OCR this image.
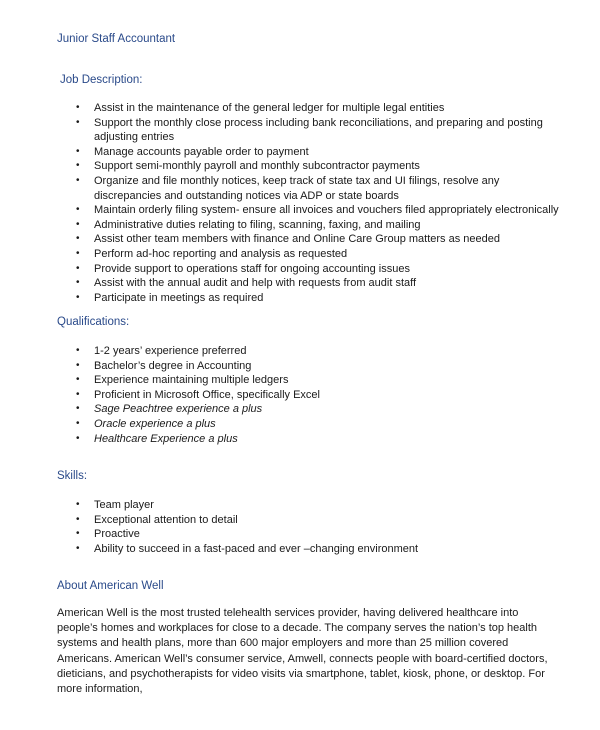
Junior Staff Accountant
Job Description:
• Assist in the maintenance of the general ledger for multiple legal entities
• Support the monthly close process including bank reconciliations, and preparing and posting adjusting entries
• Manage accounts payable order to payment
• Support semi-monthly payroll and monthly subcontractor payments
• Organize and file monthly notices, keep track of state tax and UI filings, resolve any discrepancies and outstanding notices via ADP or state boards
• Maintain orderly filing system- ensure all invoices and vouchers filed appropriately electronically
• Administrative duties relating to filing, scanning, faxing, and mailing
• Assist other team members with finance and Online Care Group matters as needed
• Perform ad-hoc reporting and analysis as requested
• Provide support to operations staff for ongoing accounting issues
• Assist with the annual audit and help with requests from audit staff
• Participate in meetings as required
Qualifications:
• 1-2 years’ experience preferred
• Bachelor’s degree in Accounting
• Experience maintaining multiple ledgers
• Proficient in Microsoft Office, specifically Excel
• Sage Peachtree experience a plus
• Oracle experience a plus
• Healthcare Experience a plus
Skills:
• Team player
• Exceptional attention to detail
• Proactive
• Ability to succeed in a fast-paced and ever –changing environment
About American Well
American Well is the most trusted telehealth services provider, having delivered healthcare into people’s homes and workplaces for close to a decade. The company serves the nation’s top health systems and health plans, more than 600 major employers and more than 25 million covered Americans. American Well’s consumer service, Amwell, connects people with board-certified doctors, dieticians, and psychotherapists for video visits via smartphone, tablet, kiosk, phone, or desktop. For more information,
